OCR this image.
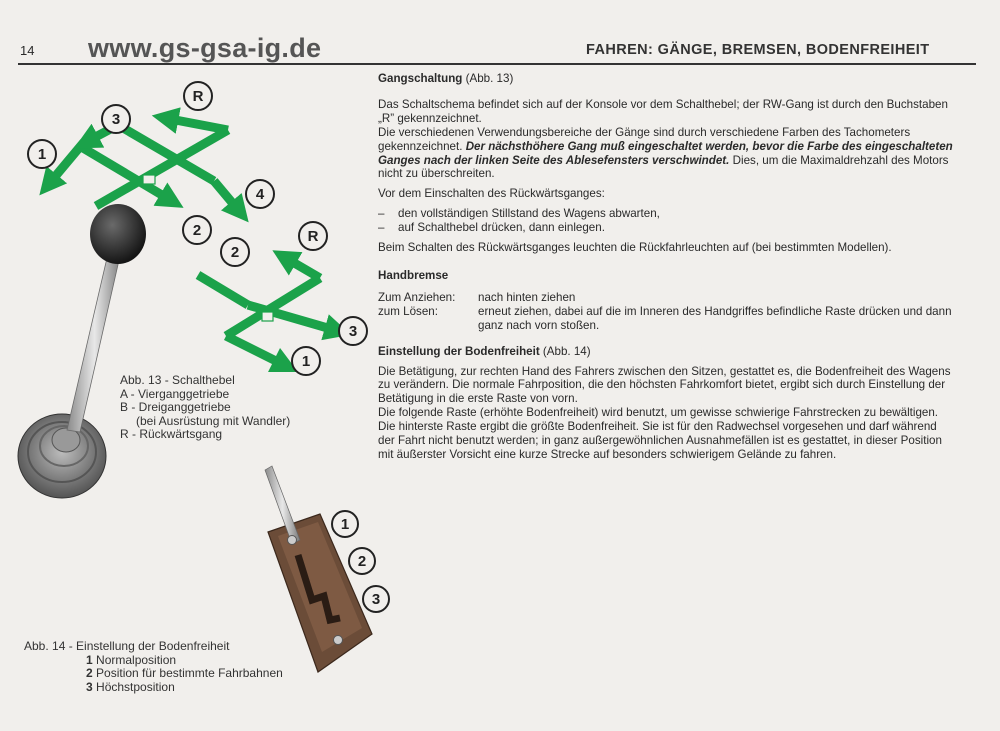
14 www.gs-gsa-ig.de	FAHREN: GÄNGE, BREMSEN, BODENFREIHEIT
1
3
R
4
2
2
R
3
1
1
2
3
Abb. 13 - Schalthebel
A - Vierganggetriebe
B - Dreiganggetriebe
(bei Ausrüstung mit Wandler)
R - Rückwärtsgang
Abb. 14 - Einstellung der Bodenfreiheit
1 Normalposition
2 Position für bestimmte Fahrbahnen
3 Höchstposition

Gangschaltung (Abb. 13)

Das Schaltschema befindet sich auf der Konsole vor dem Schalthebel; der RW-Gang ist durch den Buchstaben „R” gekennzeichnet.

Die verschiedenen Verwendungsbereiche der Gänge sind durch verschiedene Farben des Tachometers gekennzeichnet. Der nächsthöhere Gang muß eingeschaltet werden, bevor die Farbe des eingeschalteten Ganges nach der linken Seite des Ablesefensters verschwindet. Dies, um die Maximaldrehzahl des Motors nicht zu überschreiten.

Vor dem Einschalten des Rückwärtsganges:

–	den vollständigen Stillstand des Wagens abwarten,
–	auf Schalthebel drücken, dann einlegen.

Beim Schalten des Rückwärtsganges leuchten die Rückfahrleuchten auf (bei bestimmten Modellen).

Handbremse

Zum Anziehen:	nach hinten ziehen
zum Lösen:	erneut ziehen, dabei auf die im Inneren des Handgriffes befindliche Raste drücken und dann ganz nach vorn stoßen.

Einstellung der Bodenfreiheit (Abb. 14)

Die Betätigung, zur rechten Hand des Fahrers zwischen den Sitzen, gestattet es, die Bodenfreiheit des Wagens zu verändern. Die normale Fahrposition, die den höchsten Fahrkomfort bietet, ergibt sich durch Einstellung der Betätigung in die erste Raste von vorn.

Die folgende Raste (erhöhte Bodenfreiheit) wird benutzt, um gewisse schwierige Fahrstrecken zu bewältigen. Die hinterste Raste ergibt die größte Bodenfreiheit. Sie ist für den Radwechsel vorgesehen und darf während der Fahrt nicht benutzt werden; in ganz außergewöhnlichen Ausnahmefällen ist es gestattet, in dieser Position mit äußerster Vorsicht eine kurze Strecke auf besonders schwierigem Gelände zu fahren.
